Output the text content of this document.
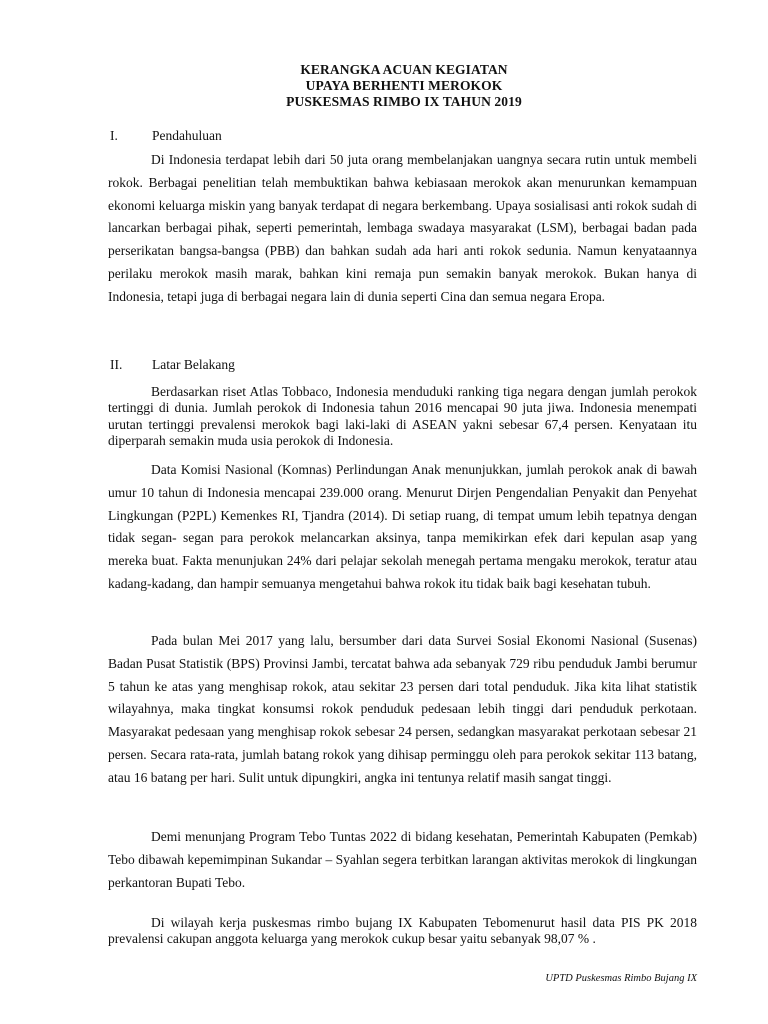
KERANGKA ACUAN KEGIATAN
UPAYA BERHENTI MEROKOK
PUSKESMAS RIMBO IX TAHUN 2019
I.	Pendahuluan

Di Indonesia terdapat lebih dari 50 juta orang membelanjakan uangnya secara rutin untuk membeli rokok. Berbagai penelitian telah membuktikan bahwa kebiasaan merokok akan menurunkan kemampuan ekonomi keluarga miskin yang banyak terdapat di negara berkembang. Upaya sosialisasi anti rokok sudah di lancarkan berbagai pihak, seperti pemerintah, lembaga swadaya masyarakat (LSM), berbagai badan pada perserikatan bangsa-bangsa (PBB) dan bahkan sudah ada hari anti rokok sedunia. Namun kenyataannya perilaku merokok masih marak, bahkan kini remaja pun semakin banyak merokok. Bukan hanya di Indonesia, tetapi juga di berbagai negara lain di dunia seperti Cina dan semua negara Eropa.

II. Latar Belakang

Berdasarkan riset Atlas Tobbaco, Indonesia menduduki ranking tiga negara dengan jumlah perokok tertinggi di dunia. Jumlah perokok di Indonesia tahun 2016 mencapai 90 juta jiwa. Indonesia menempati urutan tertinggi prevalensi merokok bagi laki-laki di ASEAN yakni sebesar 67,4 persen. Kenyataan itu diperparah semakin muda usia perokok di Indonesia.

Data Komisi Nasional (Komnas) Perlindungan Anak menunjukkan, jumlah perokok anak di bawah umur 10 tahun di Indonesia mencapai 239.000 orang. Menurut Dirjen Pengendalian Penyakit dan Penyehat Lingkungan (P2PL) Kemenkes RI, Tjandra (2014). Di setiap ruang, di tempat umum lebih tepatnya dengan tidak segan- segan para perokok melancarkan aksinya, tanpa memikirkan efek dari kepulan asap yang mereka buat. Fakta menunjukan 24% dari pelajar sekolah menegah pertama mengaku merokok, teratur atau kadang-kadang, dan hampir semuanya mengetahui bahwa rokok itu tidak baik bagi kesehatan tubuh.

Pada bulan Mei 2017 yang lalu, bersumber dari data Survei Sosial Ekonomi Nasional (Susenas) Badan Pusat Statistik (BPS) Provinsi Jambi, tercatat bahwa ada sebanyak 729 ribu penduduk Jambi berumur 5 tahun ke atas yang menghisap rokok, atau sekitar 23 persen dari total penduduk. Jika kita lihat statistik wilayahnya, maka tingkat konsumsi rokok penduduk pedesaan lebih tinggi dari penduduk perkotaan. Masyarakat pedesaan yang menghisap rokok sebesar 24 persen, sedangkan masyarakat perkotaan sebesar 21 persen. Secara rata-rata, jumlah batang rokok yang dihisap perminggu oleh para perokok sekitar 113 batang, atau 16 batang per hari. Sulit untuk dipungkiri, angka ini tentunya relatif masih sangat tinggi.

Demi menunjang Program Tebo Tuntas 2022 di bidang kesehatan, Pemerintah Kabupaten (Pemkab) Tebo dibawah kepemimpinan Sukandar – Syahlan segera terbitkan larangan aktivitas merokok di lingkungan perkantoran Bupati Tebo.

Di wilayah kerja puskesmas rimbo bujang IX Kabupaten Tebomenurut hasil data PIS PK 2018 prevalensi cakupan anggota keluarga yang merokok cukup besar yaitu sebanyak 98,07 % .

UPTD Puskesmas Rimbo Bujang IX
